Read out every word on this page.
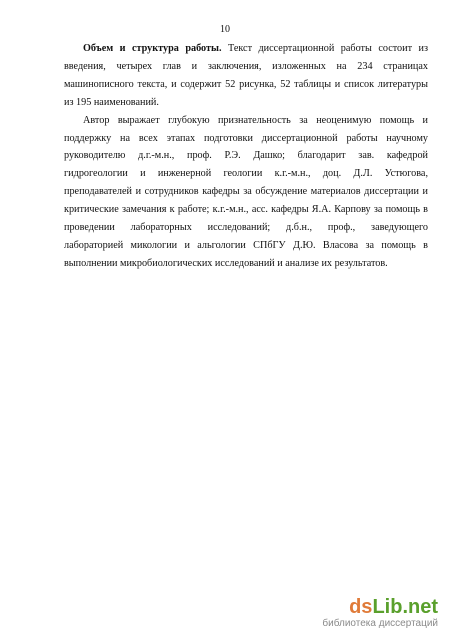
10

Объем и структура работы. Текст диссертационной работы состоит из
введения, четырех глав и заключения, изложенных на 234 страницах
машинописного текста, и содержит 52 рисунка, 52 таблицы и список литературы
из 195 наименований.

Автор выражает глубокую признательность за неоценимую помощь и
поддержку на всех этапах подготовки диссертационной работы научному
руководителю д.г.-м.н., проф. Р.Э. Дашко; благодарит зав. кафедрой
гидрогеологии и инженерной геологии к.г.-м.н., доц. Д.Л. Устюгова,
преподавателей и сотрудников кафедры за обсуждение материалов диссертации и
критические замечания к работе; к.г.-м.н., асс. кафедры Я.А. Карпову за помощь в
проведении лабораторных исследований; д.б.н., проф., заведующего
лабораторией микологии и альгологии СПбГУ Д.Ю. Власова за помощь в
выполнении микробиологических исследований и анализе их результатов.

dsLib.net
библиотека диссертаций
